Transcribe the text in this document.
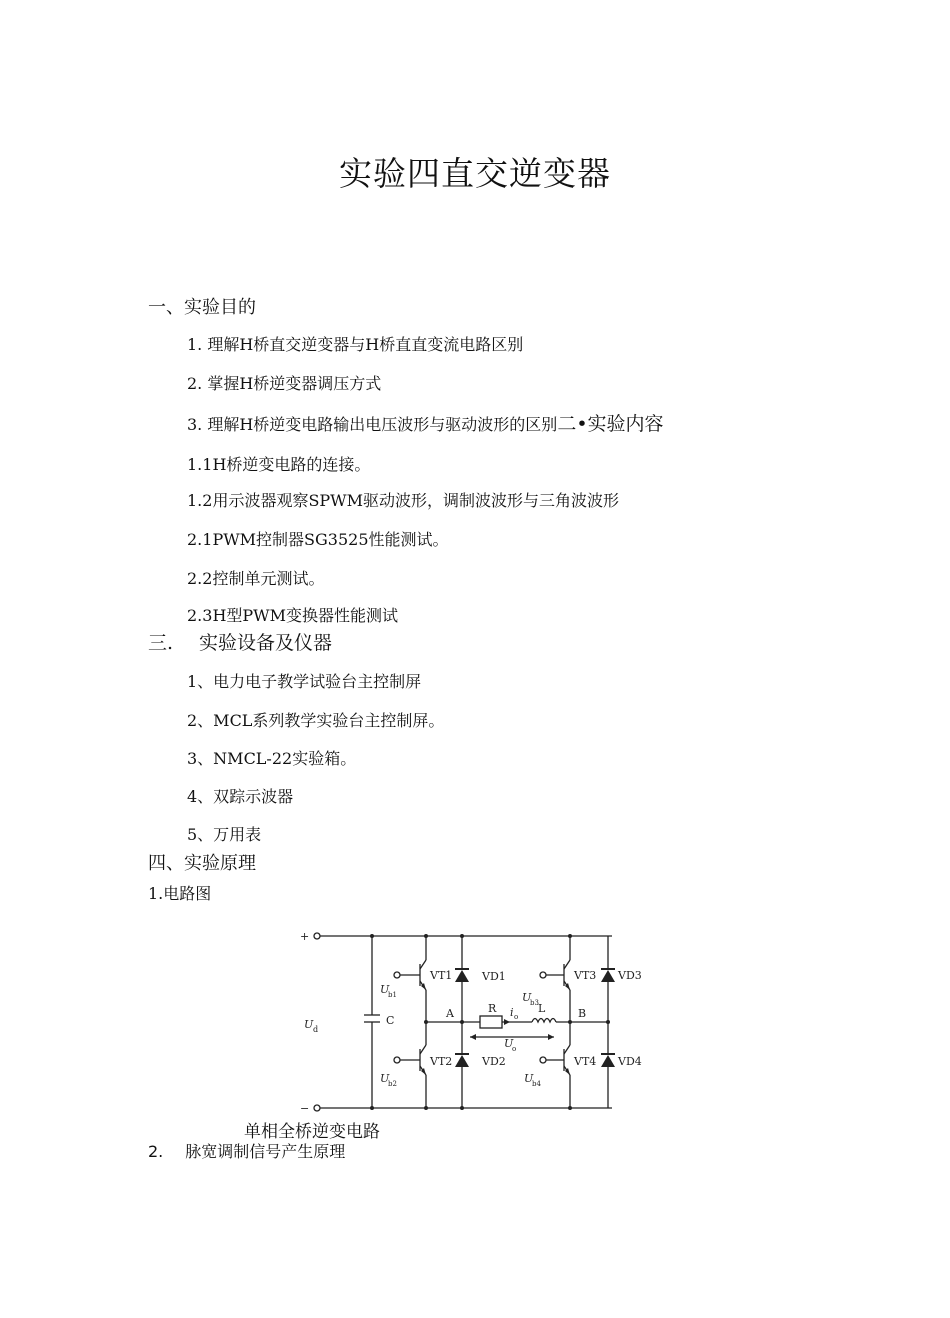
实验四直交逆变器
一、实验目的
1. 理解H桥直交逆变器与H桥直直变流电路区别
2. 掌握H桥逆变器调压方式
3. 理解H桥逆变电路输出电压波形与驱动波形的区别二•实验内容
1.1H桥逆变电路的连接。
1.2用示波器观察SPWM驱动波形，调制波波形与三角波波形
2.1PWM控制器SG3525性能测试。
2.2控制单元测试。
2.3H型PWM变换器性能测试
三. 实验设备及仪器
1、电力电子教学试验台主控制屏
2、MCL系列教学实验台主控制屏。
3、NMCL-22实验箱。
4、双踪示波器
5、万用表
四、实验原理
1.电路图
+
−
U d
C
VT1	VD1
VT2	VD2
VT3 VD3
VT4 VD4
U
b1
U
b2
U
b3
U
b4
A	B
R	L
i o
U
o
单相全桥逆变电路
2. 脉宽调制信号产生原理
